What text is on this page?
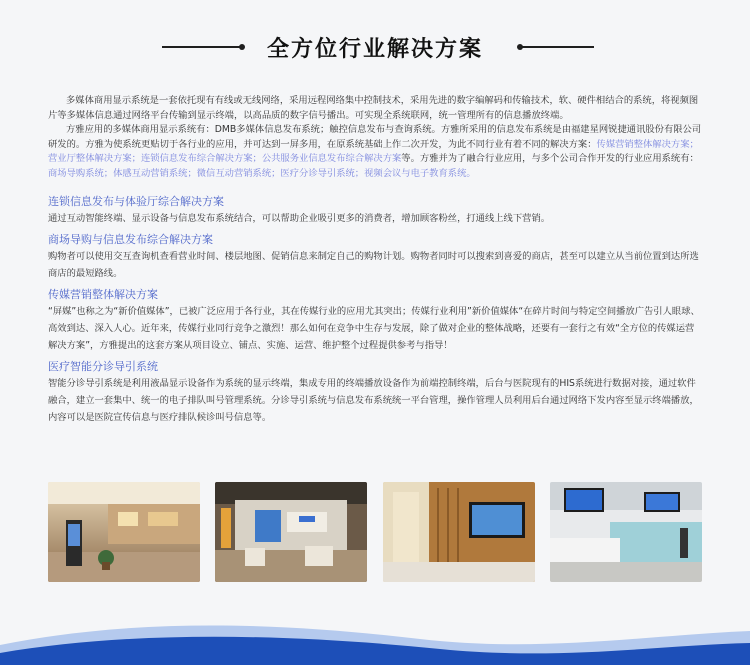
全方位行业解决方案

多媒体商用显示系统是一套依托现有有线或无线网络，采用远程网络集中控制技术，采用先进的数字编解码和传输技术，软、硬件相结合的系统，将视频图片等多媒体信息通过网络平台传输到显示终端，以高品质的数字信号播出。可实现全系统联网，统一管理所有的信息播放终端。

方雅应用的多媒体商用显示系统有：DMB多媒体信息发布系统；触控信息发布与查询系统。方雅所采用的信息发布系统是由福建星网锐捷通讯股份有限公司研发的。方雅为使系统更贴切于各行业的应用，并可达到一屏多用，在原系统基础上作二次开发，为此不同行业有着不同的解决方案：传媒营销整体解决方案；营业厅整体解决方案；连锁信息发布综合解决方案；公共服务业信息发布综合解决方案等。方雅并为了融合行业应用，与多个公司合作开发的行业应用系统有：商场导购系统；体感互动营销系统；微信互动营销系统；医疗分诊导引系统；视频会议与电子教育系统。

连锁信息发布与体验厅综合解决方案

通过互动智能终端、显示设备与信息发布系统结合，可以帮助企业吸引更多的消费者，增加顾客粉丝，打通线上线下营销。

商场导购与信息发布综合解决方案

购物者可以使用交互查询机查看营业时间、楼层地图、促销信息来制定自己的购物计划。购物者同时可以搜索到喜爱的商店，甚至可以建立从当前位置到达所选商店的最短路线。

传媒营销整体解决方案

“屏媒”也称之为“新价值媒体”，已被广泛应用于各行业，其在传媒行业的应用尤其突出；传媒行业利用”新价值媒体“在碎片时间与特定空间播放广告引人眼球、高效到达、深入人心。近年来，传媒行业同行竞争之激烈！那么如何在竞争中生存与发展，除了做对企业的整体战略，还要有一套行之有效“全方位的传媒运营解决方案”，方雅提出的这套方案从项目设立、铺点、实施、运营、维护整个过程提供参考与指导！

医疗智能分诊导引系统

智能分诊导引系统是利用液晶显示设备作为系统的显示终端，集成专用的终端播放设备作为前端控制终端，后台与医院现有的HIS系统进行数据对接，通过软件融合，建立一套集中、统一的电子排队叫号管理系统。分诊导引系统与信息发布系统统一平台管理，操作管理人员利用后台通过网络下发内容至显示终端播放，内容可以是医院宣传信息与医疗排队候诊叫号信息等。
